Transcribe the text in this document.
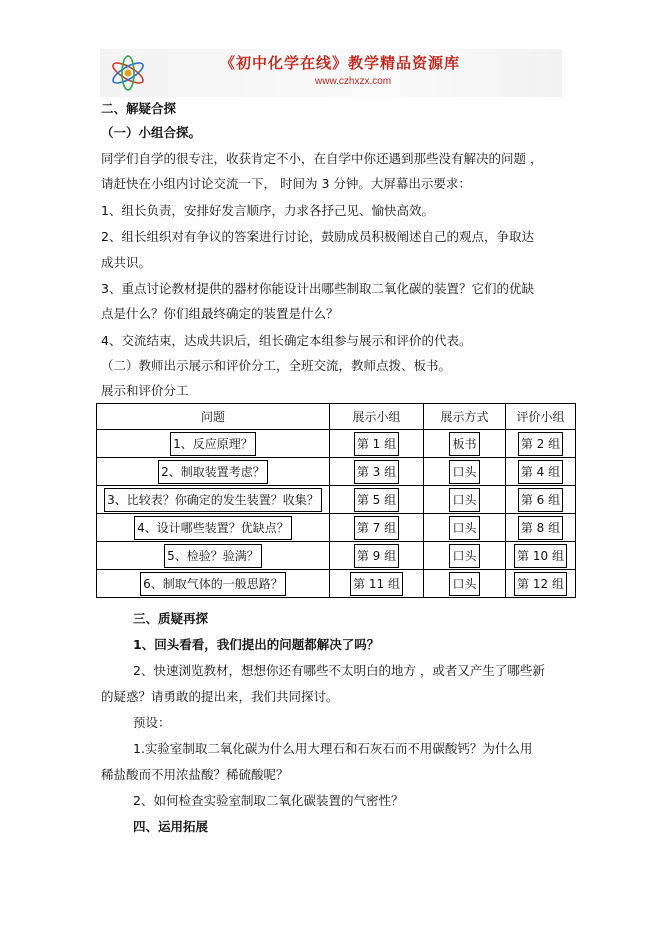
《初中化学在线》教学精品资源库
www.czhxzx.com
二、解疑合探
（一）小组合探。
同学们自学的很专注，收获肯定不小，在自学中你还遇到那些没有解决的问题 ，
请赶快在小组内讨论交流一下， 时间为 3 分钟。大屏幕出示要求：
1、组长负责，安排好发言顺序，力求各抒己见、愉快高效。
2、组长组织对有争议的答案进行讨论，鼓励成员积极阐述自己的观点，争取达
成共识。
3、重点讨论教材提供的器材你能设计出哪些制取二氧化碳的装置？它们的优缺
点是什么？你们组最终确定的装置是什么？
4、交流结束，达成共识后，组长确定本组参与展示和评价的代表。
（二）教师出示展示和评价分工，全班交流，教师点拨、板书。
展示和评价分工
问题	展示小组	展示方式	评价小组
1、反应原理？	第 1 组	板书	第 2 组
2、制取装置考虑？	第 3 组	口头	第 4 组
3、比较表？你确定的发生装置？收集？	第 5 组	口头	第 6 组
4、设计哪些装置？优缺点？	第 7 组	口头	第 8 组
5、检验？验满？	第 9 组	口头	第 10 组
6、制取气体的一般思路？	第 11 组	口头	第 12 组
三、质疑再探
1、回头看看，我们提出的问题都解决了吗？
2、快速浏览教材，想想你还有哪些不太明白的地方 ，或者又产生了哪些新
的疑惑？请勇敢的提出来，我们共同探讨。
预设：
1.实验室制取二氧化碳为什么用大理石和石灰石而不用碳酸钙？为什么用
稀盐酸而不用浓盐酸？稀硫酸呢？
2、如何检查实验室制取二氧化碳装置的气密性？
四、运用拓展
